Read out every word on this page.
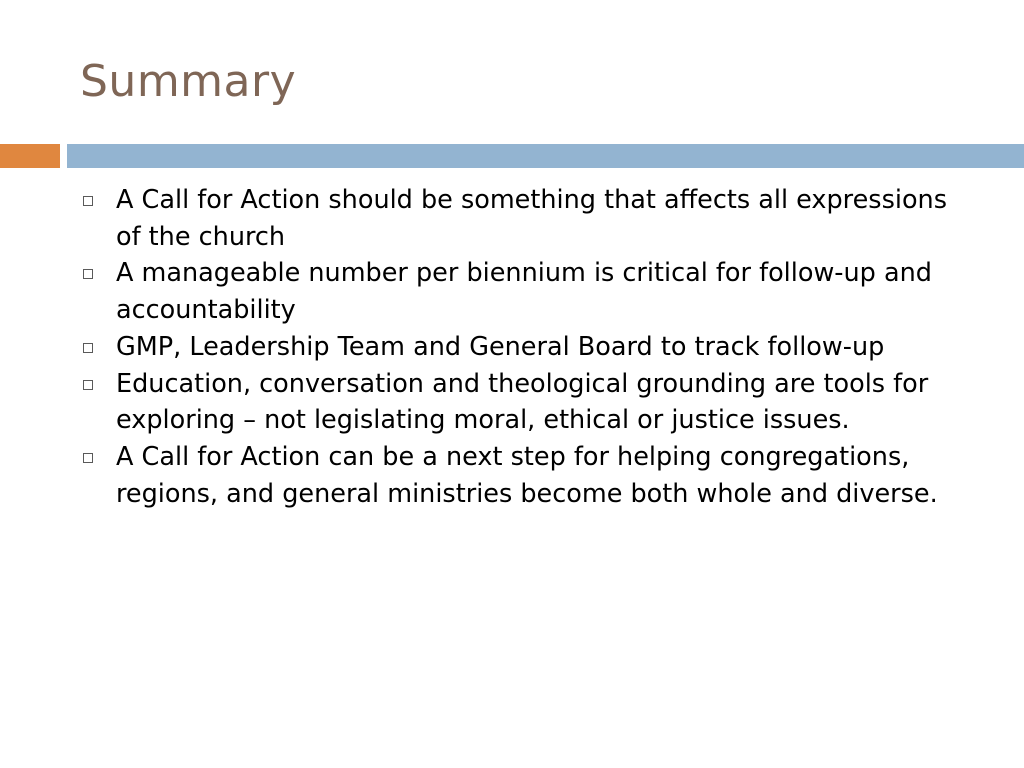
Summary
A Call for Action should be something that affects all expressions of the church
A manageable number per biennium is critical for follow-up and accountability
GMP, Leadership Team and General Board to track follow-up
Education, conversation and theological grounding are tools for exploring – not legislating moral, ethical or justice issues.
A Call for Action can be a next step for helping congregations, regions, and general ministries become both whole and diverse.
